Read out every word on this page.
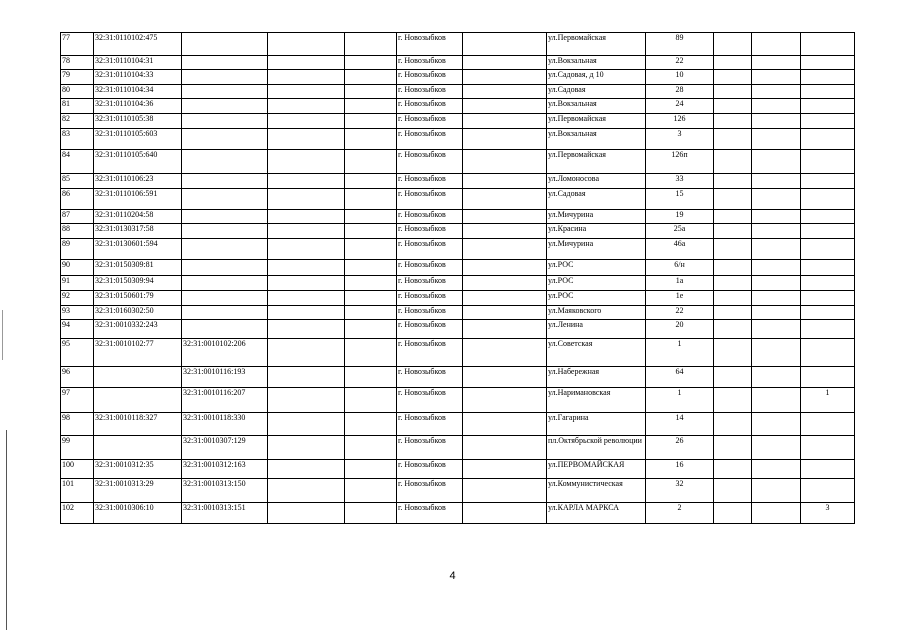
77	32:31:0110102:475				г. Новозыбков		ул.Первомайская	89			
78	32:31:0110104:31				г. Новозыбков		ул.Вокзальная	22			
79	32:31:0110104:33				г. Новозыбков		ул.Садовая, д 10	10			
80	32:31:0110104:34				г. Новозыбков		ул.Садовая	28			
81	32:31:0110104:36				г. Новозыбков		ул.Вокзальная	24			
82	32:31:0110105:38				г. Новозыбков		ул.Первомайская	126			
83	32:31:0110105:603				г. Новозыбков		ул.Вокзальная	3			
84	32:31:0110105:640				г. Новозыбков		ул.Первомайская	126п			
85	32:31:0110106:23				г. Новозыбков		ул.Ломоносова	33			
86	32:31:0110106:591				г. Новозыбков		ул.Садовая	15			
87	32:31:0110204:58				г. Новозыбков		ул.Мичурина	19			
88	32:31:0130317:58				г. Новозыбков		ул.Красина	25а			
89	32:31:0130601:594				г. Новозыбков		ул.Мичурина	46а			
90	32:31:0150309:81				г. Новозыбков		ул.РОС	6/н			
91	32:31:0150309:94				г. Новозыбков		ул.РОС	1а			
92	32:31:0150601:79				г. Новозыбков		ул.РОС	1е			
93	32:31:0160302:50				г. Новозыбков		ул.Маяковского	22			
94	32:31:0010332:243				г. Новозыбков		ул.Ленина	20			
95	32:31:0010102:77	32:31:0010102:206			г. Новозыбков		ул.Советская	1			
96		32:31:0010116:193			г. Новозыбков		ул.Набережная	64			
97		32:31:0010116:207			г. Новозыбков		ул.Наримановская	1			1
98	32:31:0010118:327	32:31:0010118:330			г. Новозыбков		ул.Гагарина	14			
99		32:31:0010307:129			г. Новозыбков		пл.Октябрьской революции	26			
100	32:31:0010312:35	32:31:0010312:163			г. Новозыбков		ул.ПЕРВОМАЙСКАЯ	16			
101	32:31:0010313:29	32:31:0010313:150			г. Новозыбков		ул.Коммунистическая	32			
102	32:31:0010306:10	32:31:0010313:151			г. Новозыбков		ул.КАРЛА МАРКСА	2			3
4
